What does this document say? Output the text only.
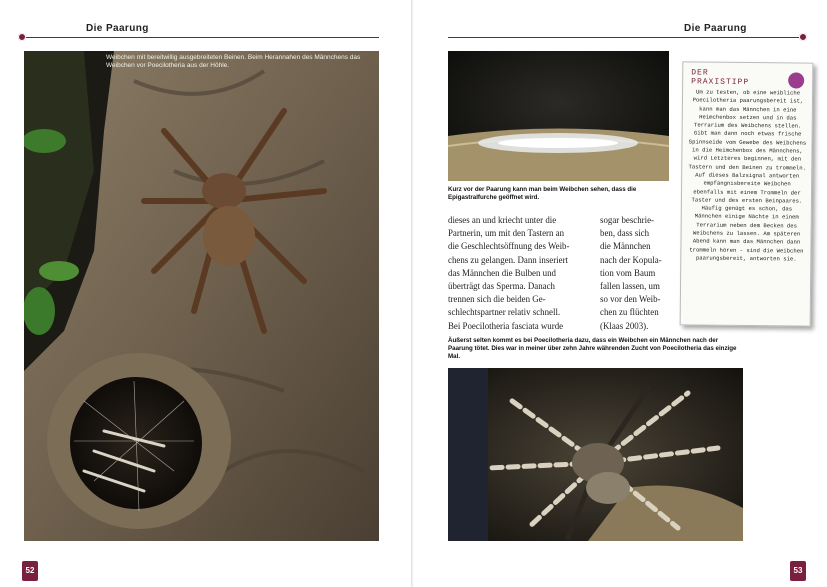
Die Paarung
Weibchen mit bereitwillig ausgebreiteten Beinen. Beim Herannahen des Männchens das Weibchen vor Poecilotheria aus der Höhle.
52
Die Paarung
Kurz vor der Paarung kann man beim Weibchen sehen, dass die Epigastralfurche geöffnet wird.
dieses an und kriecht unter die
Partnerin, um mit den Tastern an
die Geschlechtsöffnung des Weib-
chens zu gelangen. Dann inseriert
das Männchen die Bulben und
überträgt das Sperma. Danach
trennen sich die beiden Ge-
schlechtspartner relativ schnell.
Bei Poecilotheria fasciata wurde
sogar beschrie-
ben, dass sich
die Männchen
nach der Kopula-
tion vom Baum
fallen lassen, um
so vor den Weib-
chen zu flüchten
(Klaas 2003).
Äußerst selten kommt es bei Poecilotheria dazu, dass ein Weibchen ein Männchen nach der Paarung tötet. Dies war in meiner über zehn Jahre währenden Zucht von Poecilotheria das einzige Mal.
53
DER
PRAXISTIPP
Um zu testen, ob eine weibliche Poecilotheria paarungsbereit ist, kann man das Männchen in eine Heimchenbox setzen und in das Terrarium des Weibchens stellen. Gibt man dann noch etwas frische Spinnseide vom Gewebe des Weibchens in die Heimchenbox des Männchens, wird Letzteres beginnen, mit den Tastern und den Beinen zu trommeln. Auf dieses Balzsignal antworten empfängnisbereite Weibchen ebenfalls mit einem Trommeln der Taster und des ersten Beinpaares. Häufig genügt es schon, das Männchen einige Nächte in einem Terrarium neben dem Becken des Weibchens zu lassen. Am späteren Abend kann man das Männchen dann trommeln hören - sind die Weibchen paarungsbereit, antworten sie.
